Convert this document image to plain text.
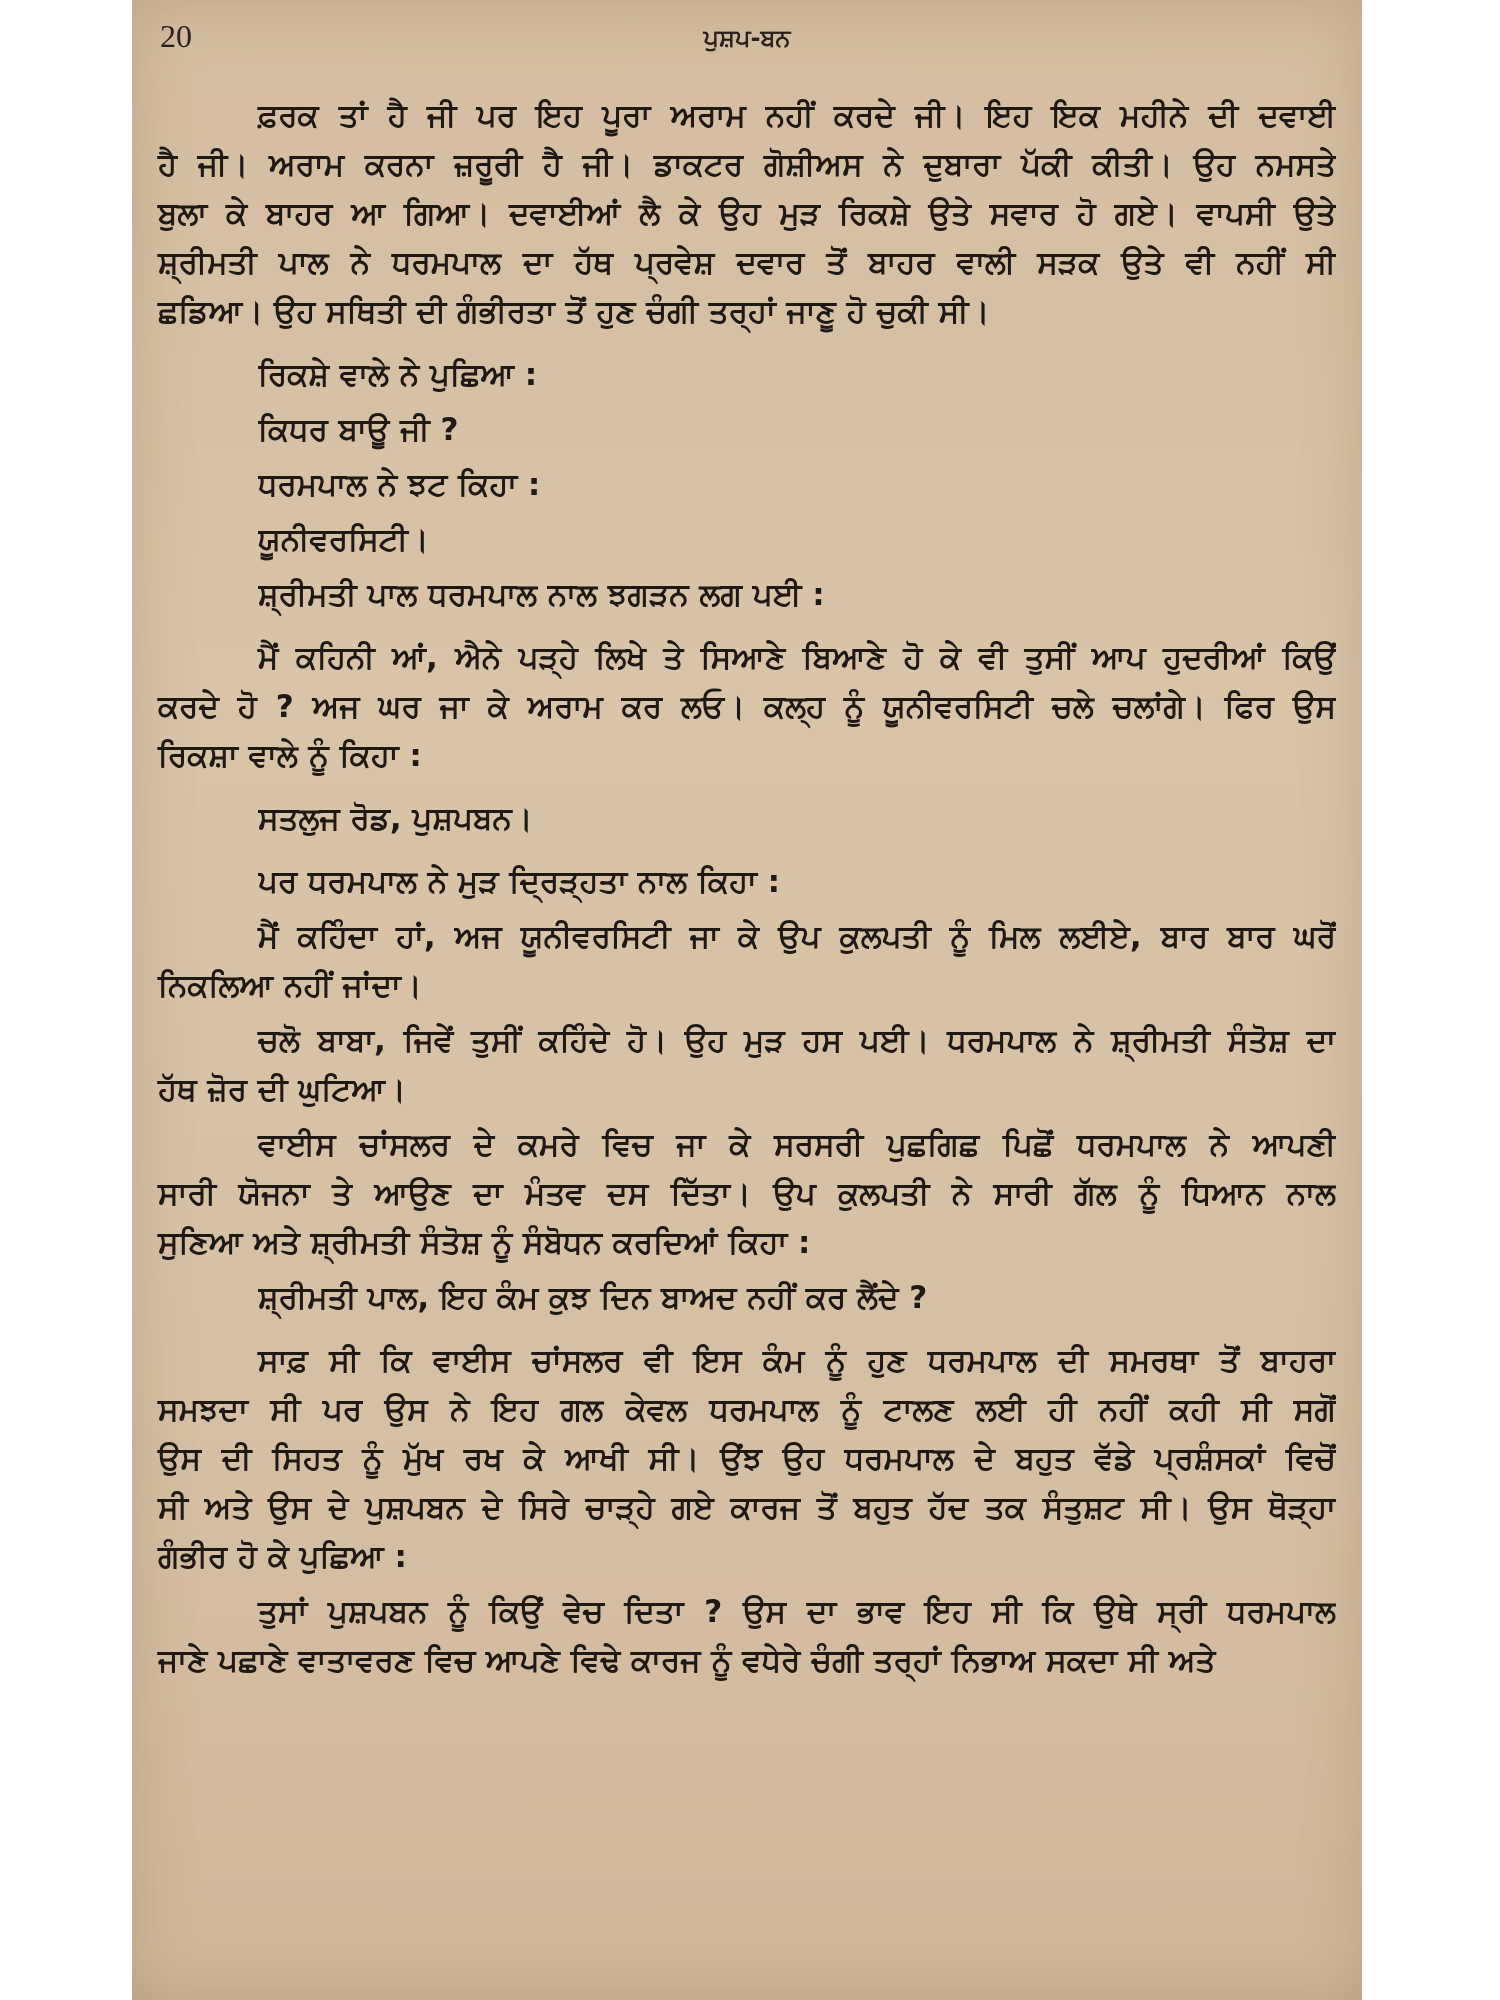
20	ਪੁਸ਼ਪ-ਬਨ
ਫ਼ਰਕ ਤਾਂ ਹੈ ਜੀ ਪਰ ਇਹ ਪੂਰਾ ਅਰਾਮ ਨਹੀਂ ਕਰਦੇ ਜੀ। ਇਹ ਇਕ ਮਹੀਨੇ ਦੀ ਦਵਾਈ
ਹੈ ਜੀ। ਅਰਾਮ ਕਰਨਾ ਜ਼ਰੂਰੀ ਹੈ ਜੀ। ਡਾਕਟਰ ਗੋਸ਼ੀਅਸ ਨੇ ਦੁਬਾਰਾ ਪੱਕੀ ਕੀਤੀ। ਉਹ ਨਮਸਤੇ
ਬੁਲਾ ਕੇ ਬਾਹਰ ਆ ਗਿਆ। ਦਵਾਈਆਂ ਲੈ ਕੇ ਉਹ ਮੁੜ ਰਿਕਸ਼ੇ ਉਤੇ ਸਵਾਰ ਹੋ ਗਏ। ਵਾਪਸੀ ਉਤੇ
ਸ਼੍ਰੀਮਤੀ ਪਾਲ ਨੇ ਧਰਮਪਾਲ ਦਾ ਹੱਥ ਪ੍ਰਵੇਸ਼ ਦਵਾਰ ਤੋਂ ਬਾਹਰ ਵਾਲੀ ਸੜਕ ਉਤੇ ਵੀ ਨਹੀਂ ਸੀ
ਛਡਿਆ। ਉਹ ਸਥਿਤੀ ਦੀ ਗੰਭੀਰਤਾ ਤੋਂ ਹੁਣ ਚੰਗੀ ਤਰ੍ਹਾਂ ਜਾਣੂ ਹੋ ਚੁਕੀ ਸੀ।
ਰਿਕਸ਼ੇ ਵਾਲੇ ਨੇ ਪੁਛਿਆ :
ਕਿਧਰ ਬਾਊ ਜੀ ?
ਧਰਮਪਾਲ ਨੇ ਝਟ ਕਿਹਾ :
ਯੂਨੀਵਰਸਿਟੀ।
ਸ਼੍ਰੀਮਤੀ ਪਾਲ ਧਰਮਪਾਲ ਨਾਲ ਝਗੜਨ ਲਗ ਪਈ :
ਮੈਂ ਕਹਿਨੀ ਆਂ, ਐਨੇ ਪੜ੍ਹੇ ਲਿਖੇ ਤੇ ਸਿਆਣੇ ਬਿਆਣੇ ਹੋ ਕੇ ਵੀ ਤੁਸੀਂ ਆਪ ਹੁਦਰੀਆਂ ਕਿਉਂ
ਕਰਦੇ ਹੋ ? ਅਜ ਘਰ ਜਾ ਕੇ ਅਰਾਮ ਕਰ ਲਓ। ਕਲ੍ਹ ਨੂੰ ਯੂਨੀਵਰਸਿਟੀ ਚਲੇ ਚਲਾਂਗੇ। ਫਿਰ ਉਸ
ਰਿਕਸ਼ਾ ਵਾਲੇ ਨੂੰ ਕਿਹਾ :
ਸਤਲੁਜ ਰੋਡ, ਪੁਸ਼ਪਬਨ।
ਪਰ ਧਰਮਪਾਲ ਨੇ ਮੁੜ ਦ੍ਰਿੜ੍ਹਤਾ ਨਾਲ ਕਿਹਾ :
ਮੈਂ ਕਹਿੰਦਾ ਹਾਂ, ਅਜ ਯੂਨੀਵਰਸਿਟੀ ਜਾ ਕੇ ਉਪ ਕੁਲਪਤੀ ਨੂੰ ਮਿਲ ਲਈਏ, ਬਾਰ ਬਾਰ ਘਰੋਂ
ਨਿਕਲਿਆ ਨਹੀਂ ਜਾਂਦਾ।
ਚਲੋ ਬਾਬਾ, ਜਿਵੇਂ ਤੁਸੀਂ ਕਹਿੰਦੇ ਹੋ। ਉਹ ਮੁੜ ਹਸ ਪਈ। ਧਰਮਪਾਲ ਨੇ ਸ਼੍ਰੀਮਤੀ ਸੰਤੋਸ਼ ਦਾ
ਹੱਥ ਜ਼ੋਰ ਦੀ ਘੁਟਿਆ।
ਵਾਈਸ ਚਾਂਸਲਰ ਦੇ ਕਮਰੇ ਵਿਚ ਜਾ ਕੇ ਸਰਸਰੀ ਪੁਛਗਿਛ ਪਿਛੋਂ ਧਰਮਪਾਲ ਨੇ ਆਪਣੀ
ਸਾਰੀ ਯੋਜਨਾ ਤੇ ਆਉਣ ਦਾ ਮੰਤਵ ਦਸ ਦਿੱਤਾ। ਉਪ ਕੁਲਪਤੀ ਨੇ ਸਾਰੀ ਗੱਲ ਨੂੰ ਧਿਆਨ ਨਾਲ
ਸੁਣਿਆ ਅਤੇ ਸ਼੍ਰੀਮਤੀ ਸੰਤੋਸ਼ ਨੂੰ ਸੰਬੋਧਨ ਕਰਦਿਆਂ ਕਿਹਾ :
ਸ਼੍ਰੀਮਤੀ ਪਾਲ, ਇਹ ਕੰਮ ਕੁਝ ਦਿਨ ਬਾਅਦ ਨਹੀਂ ਕਰ ਲੈਂਦੇ ?
ਸਾਫ਼ ਸੀ ਕਿ ਵਾਈਸ ਚਾਂਸਲਰ ਵੀ ਇਸ ਕੰਮ ਨੂੰ ਹੁਣ ਧਰਮਪਾਲ ਦੀ ਸਮਰਥਾ ਤੋਂ ਬਾਹਰਾ
ਸਮਝਦਾ ਸੀ ਪਰ ਉਸ ਨੇ ਇਹ ਗਲ ਕੇਵਲ ਧਰਮਪਾਲ ਨੂੰ ਟਾਲਣ ਲਈ ਹੀ ਨਹੀਂ ਕਹੀ ਸੀ ਸਗੋਂ
ਉਸ ਦੀ ਸਿਹਤ ਨੂੰ ਮੁੱਖ ਰਖ ਕੇ ਆਖੀ ਸੀ। ਉਂਝ ਉਹ ਧਰਮਪਾਲ ਦੇ ਬਹੁਤ ਵੱਡੇ ਪ੍ਰਸ਼ੰਸਕਾਂ ਵਿਚੋਂ
ਸੀ ਅਤੇ ਉਸ ਦੇ ਪੁਸ਼ਪਬਨ ਦੇ ਸਿਰੇ ਚਾੜ੍ਹੇ ਗਏ ਕਾਰਜ ਤੋਂ ਬਹੁਤ ਹੱਦ ਤਕ ਸੰਤੁਸ਼ਟ ਸੀ। ਉਸ ਥੋੜ੍ਹਾ
ਗੰਭੀਰ ਹੋ ਕੇ ਪੁਛਿਆ :
ਤੁਸਾਂ ਪੁਸ਼ਪਬਨ ਨੂੰ ਕਿਉਂ ਵੇਚ ਦਿਤਾ ? ਉਸ ਦਾ ਭਾਵ ਇਹ ਸੀ ਕਿ ਉਥੇ ਸ੍ਰੀ ਧਰਮਪਾਲ
ਜਾਣੇ ਪਛਾਣੇ ਵਾਤਾਵਰਣ ਵਿਚ ਆਪਣੇ ਵਿਢੇ ਕਾਰਜ ਨੂੰ ਵਧੇਰੇ ਚੰਗੀ ਤਰ੍ਹਾਂ ਨਿਭਾਅ ਸਕਦਾ ਸੀ ਅਤੇ
